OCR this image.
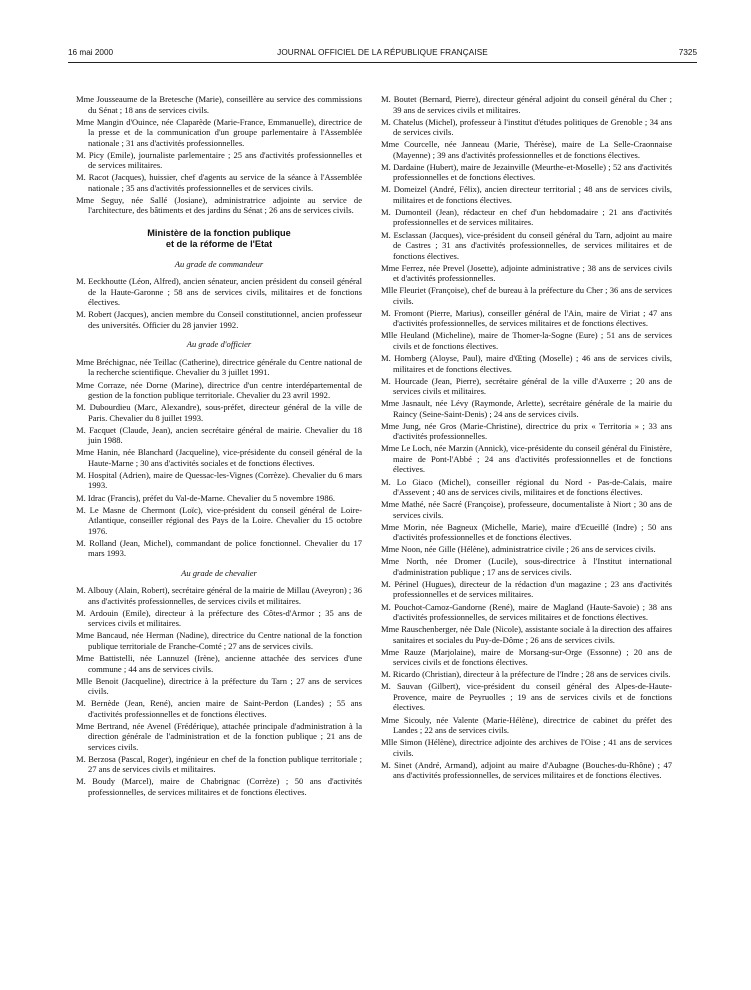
16 mai 2000	JOURNAL OFFICIEL DE LA RÉPUBLIQUE FRANÇAISE	7325

Mme Jousseaume de la Bretesche (Marie), conseillère au service des commissions du Sénat ; 18 ans de services civils.

Mme Mangin d'Ouince, née Claparède (Marie-France, Emmanuelle), directrice de la presse et de la communication d'un groupe parlementaire à l'Assemblée nationale ; 31 ans d'activités professionnelles.

M. Picy (Emile), journaliste parlementaire ; 25 ans d'activités professionnelles et de services militaires.

M. Racot (Jacques), huissier, chef d'agents au service de la séance à l'Assemblée nationale ; 35 ans d'activités professionnelles et de services civils.

Mme Seguy, née Sallé (Josiane), administratrice adjointe au service de l'architecture, des bâtiments et des jardins du Sénat ; 26 ans de services civils.

Ministère de la fonction publique
et de la réforme de l'Etat

Au grade de commandeur

M. Eeckhoutte (Léon, Alfred), ancien sénateur, ancien président du conseil général de la Haute-Garonne ; 58 ans de services civils, militaires et de fonctions électives.

M. Robert (Jacques), ancien membre du Conseil constitutionnel, ancien professeur des universités. Officier du 28 janvier 1992.

Au grade d'officier

Mme Bréchignac, née Teillac (Catherine), directrice générale du Centre national de la recherche scientifique. Chevalier du 3 juillet 1991.

Mme Corraze, née Dorne (Marine), directrice d'un centre interdépartemental de gestion de la fonction publique territoriale. Chevalier du 23 avril 1992.

M. Dubourdieu (Marc, Alexandre), sous-préfet, directeur général de la ville de Paris. Chevalier du 8 juillet 1993.

M. Facquet (Claude, Jean), ancien secrétaire général de mairie. Chevalier du 18 juin 1988.

Mme Hanin, née Blanchard (Jacqueline), vice-présidente du conseil général de la Haute-Marne ; 30 ans d'activités sociales et de fonctions électives.

M. Hospital (Adrien), maire de Quessac-les-Vignes (Corrèze). Chevalier du 6 mars 1993.

M. Idrac (Francis), préfet du Val-de-Marne. Chevalier du 5 novembre 1986.

M. Le Masne de Chermont (Loïc), vice-président du conseil général de Loire-Atlantique, conseiller régional des Pays de la Loire. Chevalier du 15 octobre 1976.

M. Rolland (Jean, Michel), commandant de police fonctionnel. Chevalier du 17 mars 1993.

Au grade de chevalier

M. Albouy (Alain, Robert), secrétaire général de la mairie de Millau (Aveyron) ; 36 ans d'activités professionnelles, de services civils et militaires.

M. Ardouin (Emile), directeur à la préfecture des Côtes-d'Armor ; 35 ans de services civils et militaires.

Mme Bancaud, née Herman (Nadine), directrice du Centre national de la fonction publique territoriale de Franche-Comté ; 27 ans de services civils.

Mme Battistelli, née Lannuzel (Irène), ancienne attachée des services d'une commune ; 44 ans de services civils.

Mlle Benoit (Jacqueline), directrice à la préfecture du Tarn ; 27 ans de services civils.

M. Bernède (Jean, René), ancien maire de Saint-Perdon (Landes) ; 55 ans d'activités professionnelles et de fonctions électives.

Mme Bertrand, née Avenel (Frédérique), attachée principale d'administration à la direction générale de l'administration et de la fonction publique ; 21 ans de services civils.

M. Berzosa (Pascal, Roger), ingénieur en chef de la fonction publique territoriale ; 27 ans de services civils et militaires.

M. Boudy (Marcel), maire de Chabrignac (Corrèze) ; 50 ans d'activités professionnelles, de services militaires et de fonctions électives.

M. Boutet (Bernard, Pierre), directeur général adjoint du conseil général du Cher ; 39 ans de services civils et militaires.

M. Chatelus (Michel), professeur à l'institut d'études politiques de Grenoble ; 34 ans de services civils.

Mme Courcelle, née Janneau (Marie, Thérèse), maire de La Selle-Craonnaise (Mayenne) ; 39 ans d'activités professionnelles et de fonctions électives.

M. Dardaine (Hubert), maire de Jezainville (Meurthe-et-Moselle) ; 52 ans d'activités professionnelles et de fonctions électives.

M. Domeizel (André, Félix), ancien directeur territorial ; 48 ans de services civils, militaires et de fonctions électives.

M. Dumonteil (Jean), rédacteur en chef d'un hebdomadaire ; 21 ans d'activités professionnelles et de services militaires.

M. Esclassan (Jacques), vice-président du conseil général du Tarn, adjoint au maire de Castres ; 31 ans d'activités professionnelles, de services militaires et de fonctions électives.

Mme Ferrez, née Prevel (Josette), adjointe administrative ; 38 ans de services civils et d'activités professionnelles.

Mlle Fleuriet (Françoise), chef de bureau à la préfecture du Cher ; 36 ans de services civils.

M. Fromont (Pierre, Marius), conseiller général de l'Ain, maire de Viriat ; 47 ans d'activités professionnelles, de services militaires et de fonctions électives.

Mlle Heuland (Micheline), maire de Thomer-la-Sogne (Eure) ; 51 ans de services civils et de fonctions électives.

M. Homberg (Aloyse, Paul), maire d'Œting (Moselle) ; 46 ans de services civils, militaires et de fonctions électives.

M. Hourcade (Jean, Pierre), secrétaire général de la ville d'Auxerre ; 20 ans de services civils et militaires.

Mme Jasnault, née Lévy (Raymonde, Arlette), secrétaire générale de la mairie du Raincy (Seine-Saint-Denis) ; 24 ans de services civils.

Mme Jung, née Gros (Marie-Christine), directrice du prix « Territoria » ; 33 ans d'activités professionnelles.

Mme Le Loch, née Marzin (Annick), vice-présidente du conseil général du Finistère, maire de Pont-l'Abbé ; 24 ans d'activités professionnelles et de fonctions électives.

M. Lo Giaco (Michel), conseiller régional du Nord - Pas-de-Calais, maire d'Assevent ; 40 ans de services civils, militaires et de fonctions électives.

Mme Mathé, née Sacré (Françoise), professeure, documentaliste à Niort ; 30 ans de services civils.

Mme Morin, née Bagneux (Michelle, Marie), maire d'Ecueillé (Indre) ; 50 ans d'activités professionnelles et de fonctions électives.

Mme Noon, née Gille (Hélène), administratrice civile ; 26 ans de services civils.

Mme North, née Dromer (Lucile), sous-directrice à l'Institut international d'administration publique ; 17 ans de services civils.

M. Périnel (Hugues), directeur de la rédaction d'un magazine ; 23 ans d'activités professionnelles et de services militaires.

M. Pouchot-Camoz-Gandorne (René), maire de Magland (Haute-Savoie) ; 38 ans d'activités professionnelles, de services militaires et de fonctions électives.

Mme Rauschenberger, née Dale (Nicole), assistante sociale à la direction des affaires sanitaires et sociales du Puy-de-Dôme ; 26 ans de services civils.

Mme Rauze (Marjolaine), maire de Morsang-sur-Orge (Essonne) ; 20 ans de services civils et de fonctions électives.

M. Ricardo (Christian), directeur à la préfecture de l'Indre ; 28 ans de services civils.

M. Sauvan (Gilbert), vice-président du conseil général des Alpes-de-Haute-Provence, maire de Peyruolles ; 19 ans de services civils et de fonctions électives.

Mme Sicouly, née Valente (Marie-Hélène), directrice de cabinet du préfet des Landes ; 22 ans de services civils.

Mlle Simon (Hélène), directrice adjointe des archives de l'Oise ; 41 ans de services civils.

M. Sinet (André, Armand), adjoint au maire d'Aubagne (Bouches-du-Rhône) ; 47 ans d'activités professionnelles, de services militaires et de fonctions électives.
